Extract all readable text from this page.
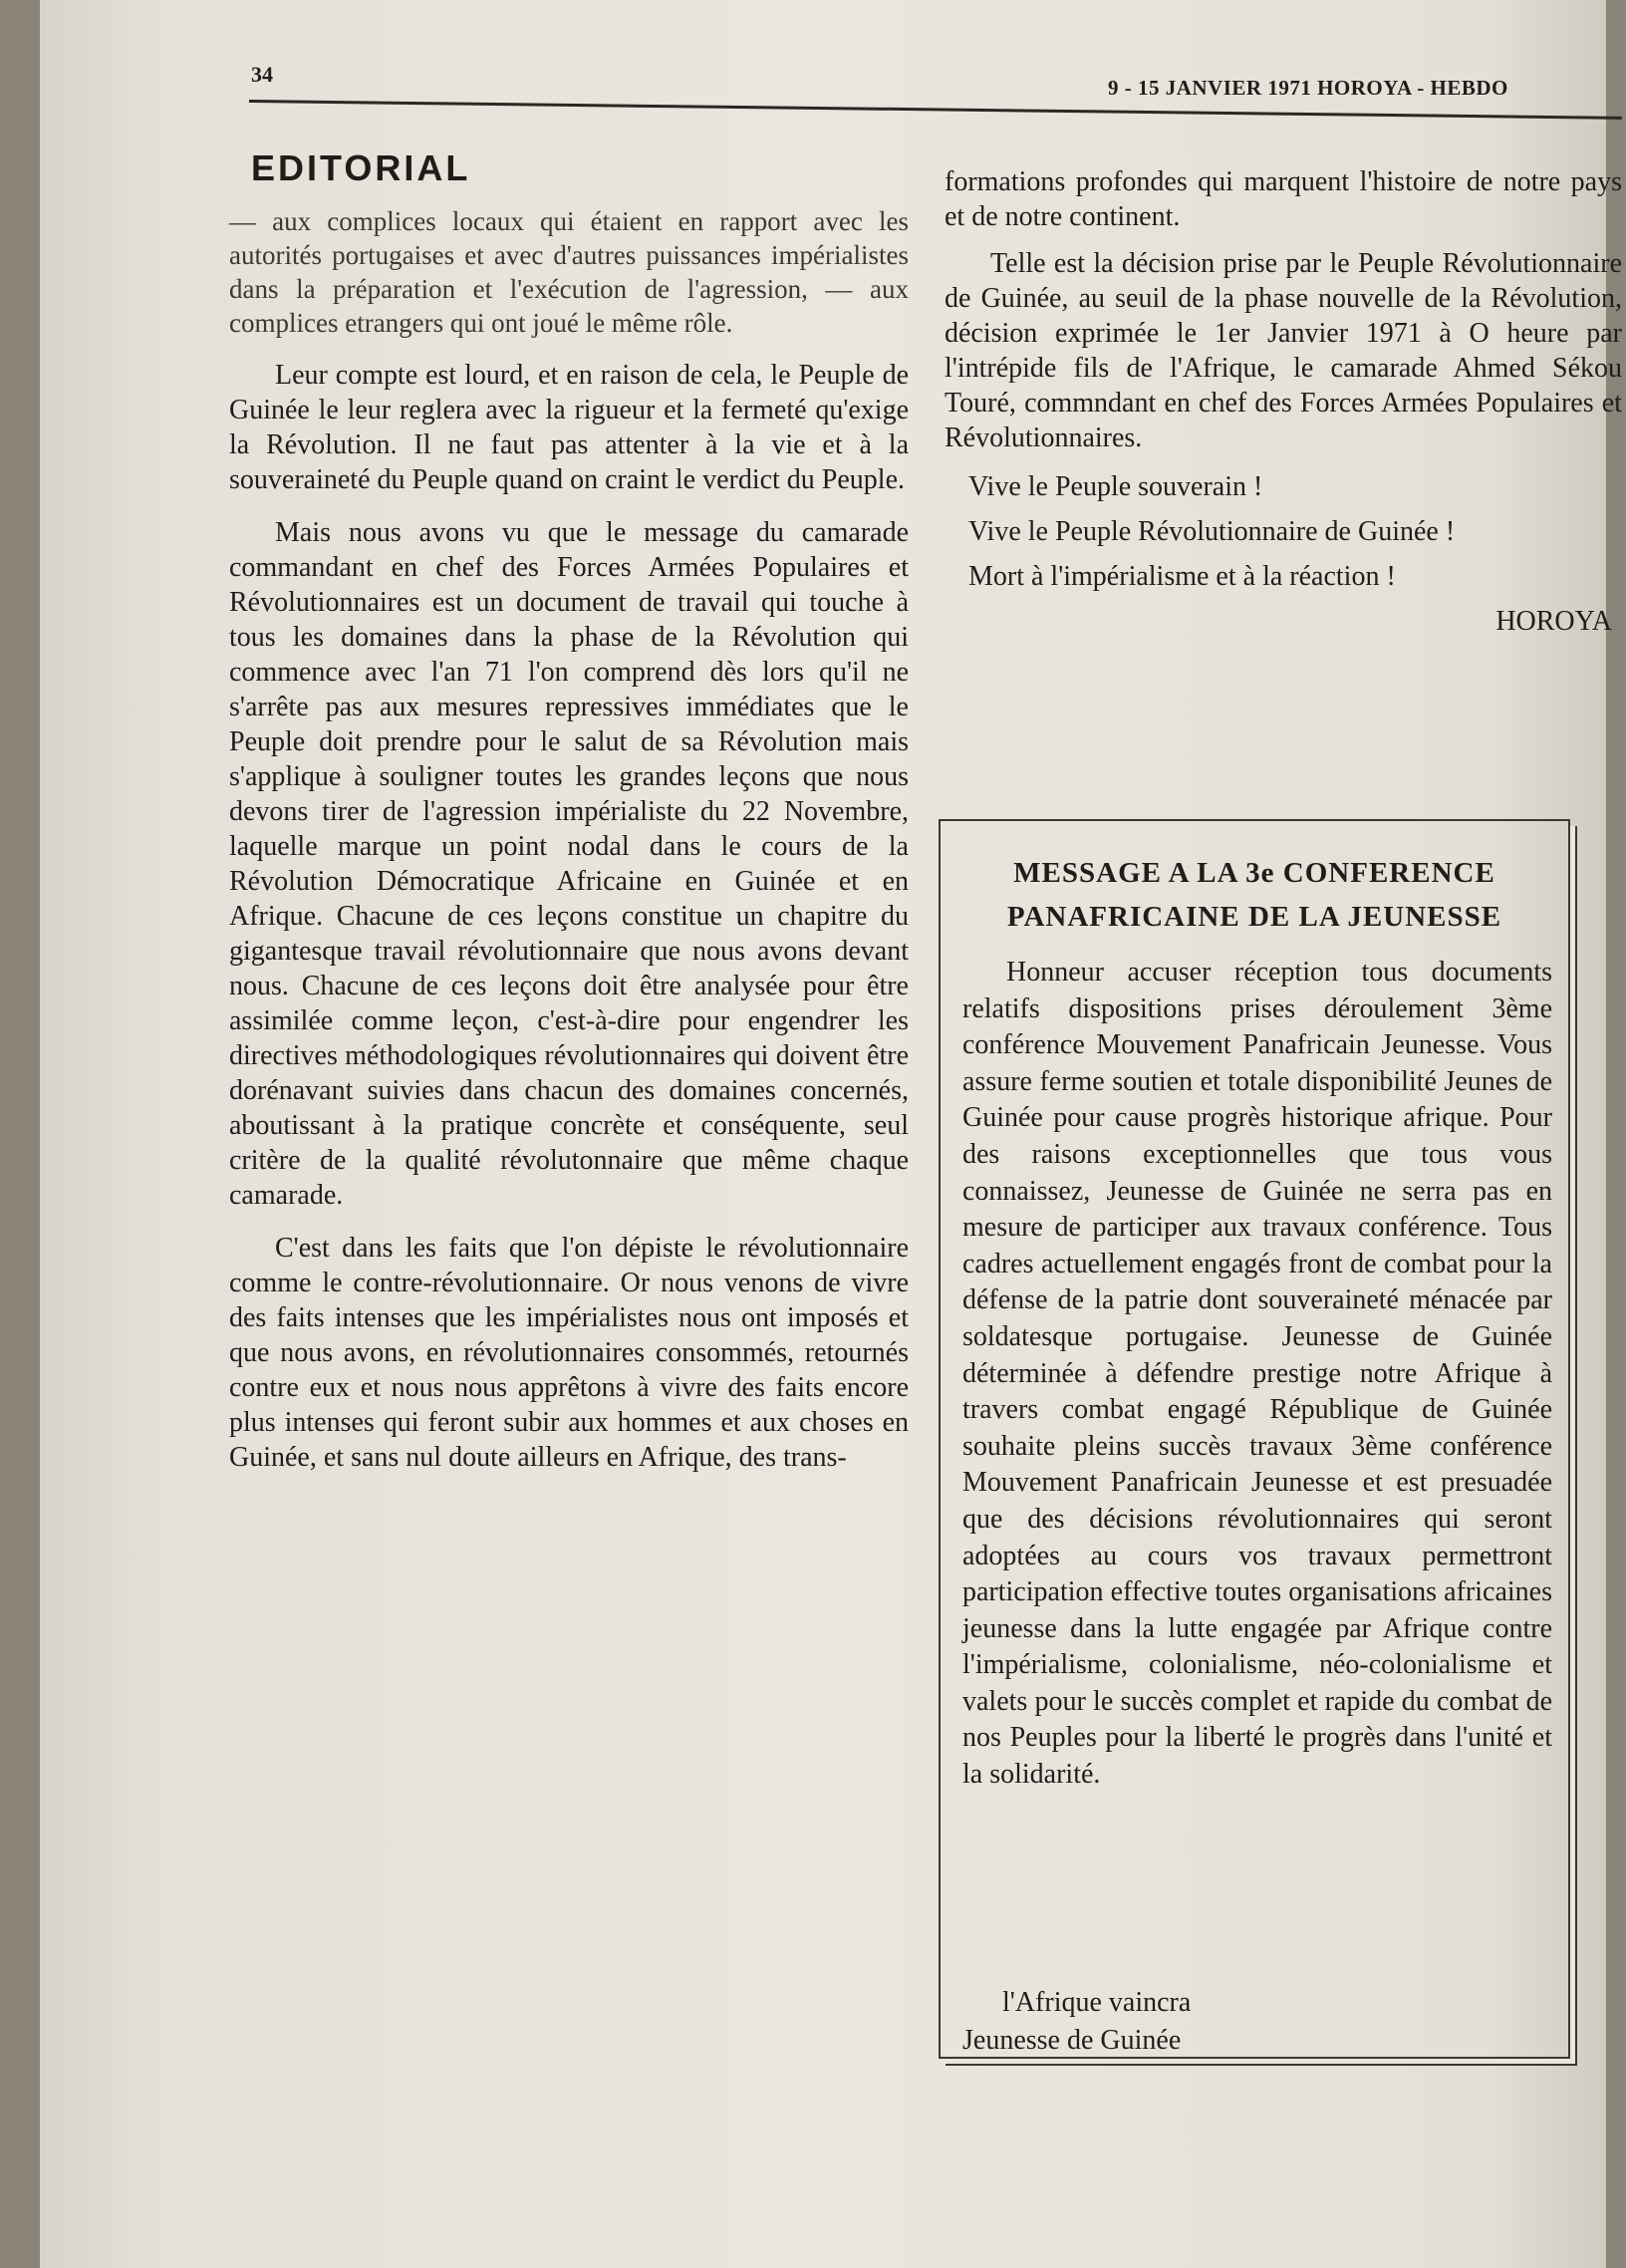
34
9 - 15 JANVIER 1971 HOROYA - HEBDO
EDITORIAL

— aux complices locaux qui étaient en rapport avec les autorités portugaises et avec d'autres puissances impérialistes dans la préparation et l'exécution de l'agression, — aux complices etrangers qui ont joué le même rôle.

Leur compte est lourd, et en raison de cela, le Peuple de Guinée le leur reglera avec la rigueur et la fermeté qu'exige la Révolution. Il ne faut pas attenter à la vie et à la souveraineté du Peuple quand on craint le verdict du Peuple.

Mais nous avons vu que le message du camarade commandant en chef des Forces Armées Populaires et Révolutionnaires est un document de travail qui touche à tous les domaines dans la phase de la Révolution qui commence avec l'an 71 l'on comprend dès lors qu'il ne s'arrête pas aux mesures repressives immédiates que le Peuple doit prendre pour le salut de sa Révolution mais s'applique à souligner toutes les grandes leçons que nous devons tirer de l'agression impérialiste du 22 Novembre, laquelle marque un point nodal dans le cours de la Révolution Démocratique Africaine en Guinée et en Afrique. Chacune de ces leçons constitue un chapitre du gigantesque travail révolutionnaire que nous avons devant nous. Chacune de ces leçons doit être analysée pour être assimilée comme leçon, c'est-à-dire pour engendrer les directives méthodologiques révolutionnaires qui doivent être dorénavant suivies dans chacun des domaines concernés, aboutissant à la pratique concrète et conséquente, seul critère de la qualité révolutonnaire que même chaque camarade.

C'est dans les faits que l'on dépiste le révolutionnaire comme le contre-révolutionnaire. Or nous venons de vivre des faits intenses que les impérialistes nous ont imposés et que nous avons, en révolutionnaires consommés, retournés contre eux et nous nous apprêtons à vivre des faits encore plus intenses qui feront subir aux hommes et aux choses en Guinée, et sans nul doute ailleurs en Afrique, des trans-

formations profondes qui marquent l'histoire de notre pays et de notre continent.

Telle est la décision prise par le Peuple Révolutionnaire de Guinée, au seuil de la phase nouvelle de la Révolution, décision exprimée le 1er Janvier 1971 à O heure par l'intrépide fils de l'Afrique, le camarade Ahmed Sékou Touré, commndant en chef des Forces Armées Populaires et Révolutionnaires.

Vive le Peuple souverain !

Vive le Peuple Révolutionnaire de Guinée !

Mort à l'impérialisme et à la réaction !

HOROYA

MESSAGE A LA 3e CONFERENCE
PANAFRICAINE DE LA JEUNESSE

Honneur accuser réception tous documents relatifs dispositions prises déroulement 3ème conférence Mouvement Panafricain Jeunesse. Vous assure ferme soutien et totale disponibilité Jeunes de Guinée pour cause progrès historique afrique. Pour des raisons exceptionnelles que tous vous connaissez, Jeunesse de Guinée ne serra pas en mesure de participer aux travaux conférence. Tous cadres actuellement engagés front de combat pour la défense de la patrie dont souveraineté ménacée par soldatesque portugaise. Jeunesse de Guinée déterminée à défendre prestige notre Afrique à travers combat engagé République de Guinée souhaite pleins succès travaux 3ème conférence Mouvement Panafricain Jeunesse et est presuadée que des décisions révolutionnaires qui seront adoptées au cours vos travaux permettront participation effective toutes organisations africaines jeunesse dans la lutte engagée par Afrique contre l'impérialisme, colonialisme, néo-colonialisme et valets pour le succès complet et rapide du combat de nos Peuples pour la liberté le progrès dans l'unité et la solidarité.

l'Afrique vaincra
Jeunesse de Guinée
